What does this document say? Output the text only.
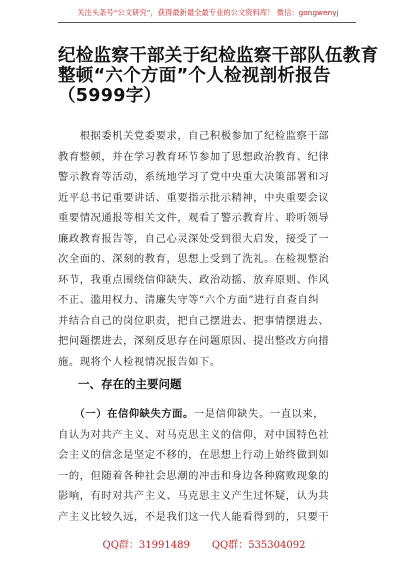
关注头条号“公文研究”，获得最新最全最专业的公文资料库！ 微信：gongwenyj
纪检监察干部关于纪检监察干部队伍教育
整顿“六个方面”个人检视剖析报告
（5999字）
　　根据委机关党委要求，自己积极参加了纪检监察干部
教育整顿，并在学习教育环节参加了思想政治教育、纪律
警示教育等活动，系统地学习了党中央重大决策部署和习
近平总书记重要讲话、重要指示批示精神，中央重要会议
重要情况通报等相关文件，观看了警示教育片、聆听领导
廉政教育报告等，自己心灵深处受到很大启发，接受了一
次全面的、深刻的教育，思想上受到了洗礼。在检视整治
环节，我重点围绕信仰缺失、政治动摇、放弃原则、作风
不正、滥用权力、清廉失守等“六个方面”进行自查自纠
并结合自己的岗位职责，把自己摆进去、把事情摆进去、
把问题摆进去，深刻反思存在问题原因、提出整改方向措
施。现将个人检视情况报告如下。
一、存在的主要问题
　　（一）在信仰缺失方面。一是信仰缺失。一直以来，
自认为对共产主义、对马克思主义的信仰，对中国特色社
会主义的信念是坚定不移的，在思想上行动上始终做到如
一的，但随着各种社会思潮的冲击和身边各种腐败现象的
影响，有时对共产主义、马克思主义产生过怀疑，认为共
产主义比较久远，不是我们这一代人能看得到的，只要干
QQ群：31991489 QQ群：535304092
